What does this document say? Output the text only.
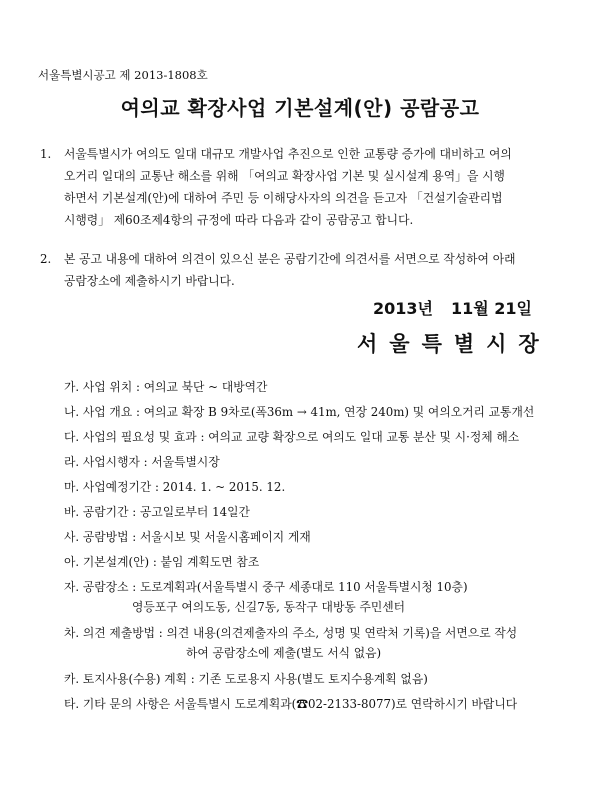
서울특별시공고 제 2013-1808호
여의교 확장사업 기본설계(안) 공람공고
1. 서울특별시가 여의도 일대 대규모 개발사업 추진으로 인한 교통량 증가에 대비하고 여의
오거리 일대의 교통난 해소를 위해 「여의교 확장사업 기본 및 실시설계 용역」을 시행
하면서 기본설계(안)에 대하여 주민 등 이해당사자의 의견을 듣고자 「건설기술관리법
시행령」 제60조제4항의 규정에 따라 다음과 같이 공람공고 합니다.
2. 본 공고 내용에 대하여 의견이 있으신 분은 공람기간에 의견서를 서면으로 작성하여 아래
공람장소에 제출하시기 바랍니다.
2013년 11월 21일
서울특별시장
가. 사업 위치 : 여의교 북단 ~ 대방역간
나. 사업 개요 : 여의교 확장 B 9차로(폭36m → 41m, 연장 240m) 및 여의오거리 교통개선
다. 사업의 필요성 및 효과 : 여의교 교량 확장으로 여의도 일대 교통 분산 및 시·정체 해소
라. 사업시행자 : 서울특별시장
마. 사업예정기간 : 2014. 1. ~ 2015. 12.
바. 공람기간 : 공고일로부터 14일간
사. 공람방법 : 서울시보 및 서울시홈페이지 게재
아. 기본설계(안) : 붙임 계획도면 참조
자. 공람장소 : 도로계획과(서울특별시 중구 세종대로 110 서울특별시청 10층)
영등포구 여의도동, 신길7동, 동작구 대방동 주민센터
차. 의견 제출방법 : 의견 내용(의견제출자의 주소, 성명 및 연락처 기록)을 서면으로 작성
하여 공람장소에 제출(별도 서식 없음)
카. 토지사용(수용) 계획 : 기존 도로용지 사용(별도 토지수용계획 없음)
타. 기타 문의 사항은 서울특별시 도로계획과(☎02-2133-8077)로 연락하시기 바랍니다
